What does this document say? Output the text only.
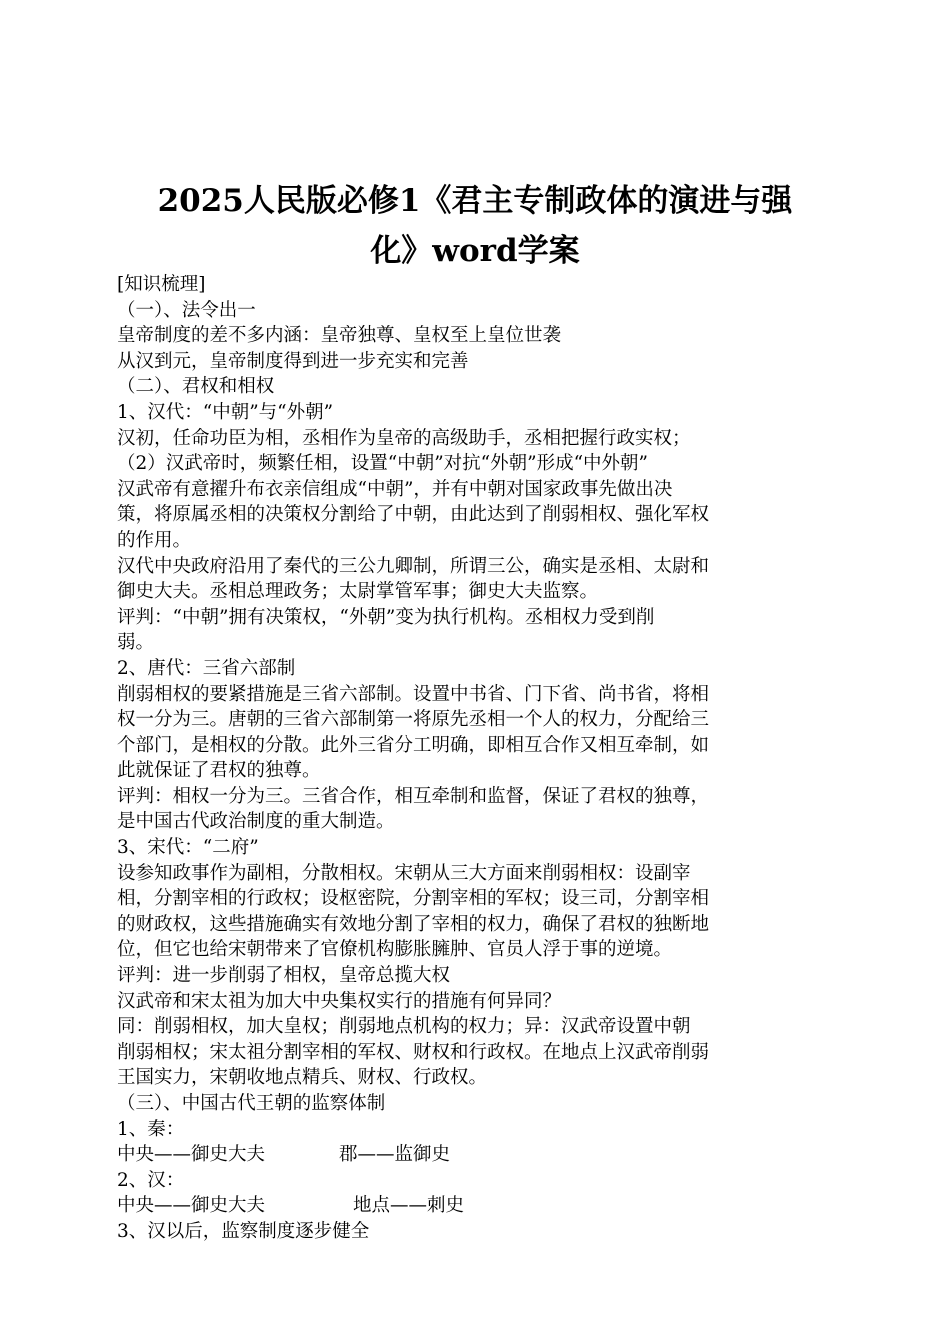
2025人民版必修1《君主专制政体的演进与强
化》word学案
[知识梳理]
（一）、法令出一
皇帝制度的差不多内涵：皇帝独尊、皇权至上皇位世袭
从汉到元，皇帝制度得到进一步充实和完善
（二）、君权和相权
1、汉代：“中朝”与“外朝”
汉初，任命功臣为相，丞相作为皇帝的高级助手，丞相把握行政实权；
（2）汉武帝时，频繁任相，设置“中朝”对抗“外朝”形成“中外朝”
汉武帝有意擢升布衣亲信组成“中朝”，并有中朝对国家政事先做出决
策，将原属丞相的决策权分割给了中朝，由此达到了削弱相权、强化军权
的作用。
汉代中央政府沿用了秦代的三公九卿制，所谓三公，确实是丞相、太尉和
御史大夫。丞相总理政务；太尉掌管军事；御史大夫监察。
评判：“中朝”拥有决策权，“外朝”变为执行机构。丞相权力受到削
弱。
2、唐代：三省六部制
削弱相权的要紧措施是三省六部制。设置中书省、门下省、尚书省，将相
权一分为三。唐朝的三省六部制第一将原先丞相一个人的权力，分配给三
个部门，是相权的分散。此外三省分工明确，即相互合作又相互牵制，如
此就保证了君权的独尊。
评判：相权一分为三。三省合作，相互牵制和监督，保证了君权的独尊，
是中国古代政治制度的重大制造。
3、宋代：“二府”
设参知政事作为副相，分散相权。宋朝从三大方面来削弱相权：设副宰
相，分割宰相的行政权；设枢密院，分割宰相的军权；设三司，分割宰相
的财政权，这些措施确实有效地分割了宰相的权力，确保了君权的独断地
位，但它也给宋朝带来了官僚机构膨胀臃肿、官员人浮于事的逆境。
评判：进一步削弱了相权，皇帝总揽大权
汉武帝和宋太祖为加大中央集权实行的措施有何异同？
同：削弱相权，加大皇权；削弱地点机构的权力；异：汉武帝设置中朝
削弱相权；宋太祖分割宰相的军权、财权和行政权。在地点上汉武帝削弱
王国实力，宋朝收地点精兵、财权、行政权。
（三）、中国古代王朝的监察体制
1、秦：
中央——御史大夫	郡——监御史
2、汉：
中央——御史大夫	地点——刺史
3、汉以后，监察制度逐步健全
